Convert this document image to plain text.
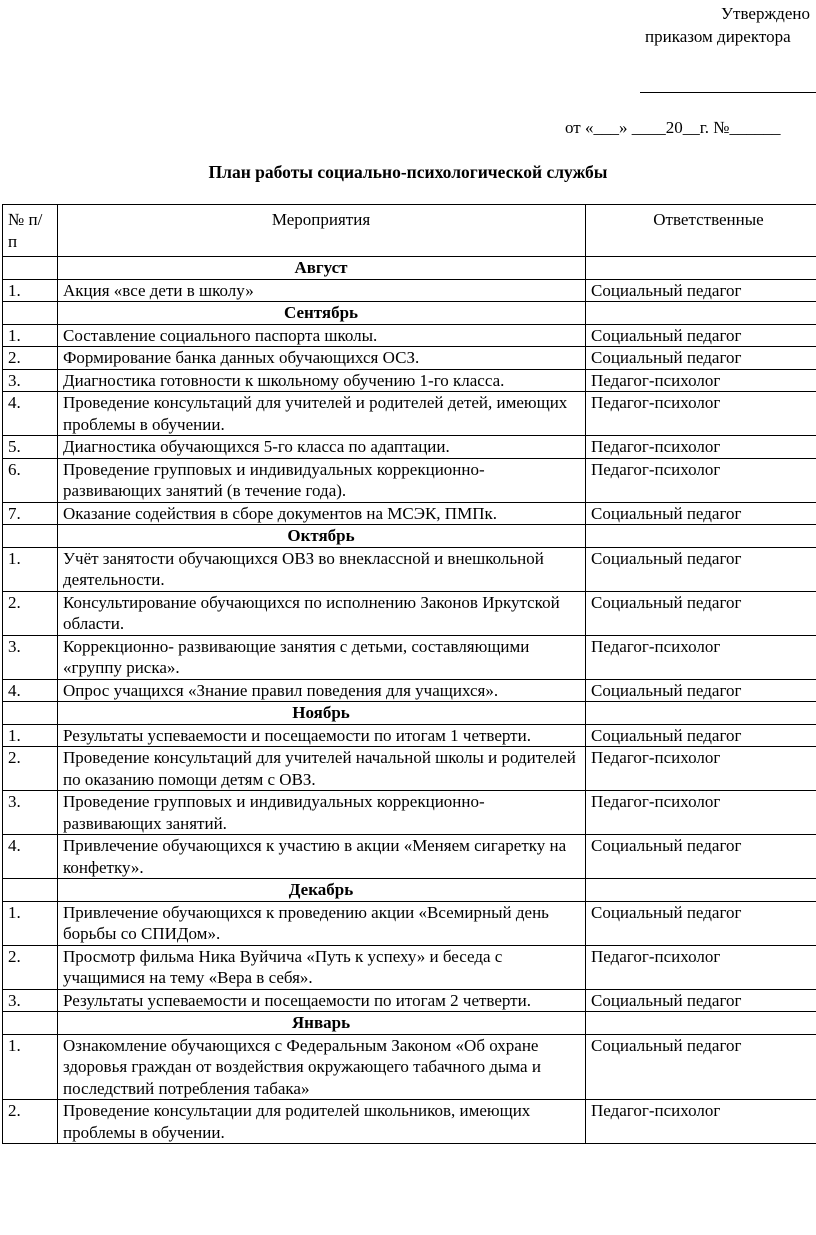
Утверждено
приказом директора
от «___» ____20__г. №______
План работы социально-психологической службы
№ п/п	Мероприятия	Ответственные
	Август	
1.	Акция «все дети в школу»	Социальный педагог
	Сентябрь	
1.	Составление социального паспорта школы.	Социальный педагог
2.	Формирование банка данных обучающихся ОСЗ.	Социальный педагог
3.	Диагностика готовности к школьному обучению 1-го класса.	Педагог-психолог
4.	Проведение консультаций для учителей и родителей детей, имеющих проблемы в обучении.	Педагог-психолог
5.	Диагностика обучающихся 5-го класса по адаптации.	Педагог-психолог
6.	Проведение групповых и индивидуальных коррекционно-развивающих занятий (в течение года).	Педагог-психолог
7.	Оказание содействия в сборе документов на МСЭК, ПМПк.	Социальный педагог
	Октябрь	
1.	Учёт занятости обучающихся ОВЗ во внеклассной и внешкольной деятельности.	Социальный педагог
2.	Консультирование обучающихся по исполнению Законов Иркутской области.	Социальный педагог
3.	Коррекционно- развивающие занятия с детьми, составляющими «группу риска».	Педагог-психолог
4.	Опрос учащихся «Знание правил поведения для учащихся».	Социальный педагог
	Ноябрь	
1.	Результаты успеваемости и посещаемости по итогам 1 четверти.	Социальный педагог
2.	Проведение консультаций для учителей начальной школы и родителей по оказанию помощи детям с ОВЗ.	Педагог-психолог
3.	Проведение групповых и индивидуальных коррекционно-развивающих занятий.	Педагог-психолог
4.	Привлечение обучающихся к участию в акции «Меняем сигаретку на конфетку».	Социальный педагог
	Декабрь	
1.	Привлечение обучающихся к проведению акции «Всемирный день борьбы со СПИДом».	Социальный педагог
2.	Просмотр фильма Ника Вуйчича «Путь к успеху» и беседа с учащимися на тему «Вера в себя».	Педагог-психолог
3.	Результаты успеваемости и посещаемости по итогам 2 четверти.	Социальный педагог
	Январь	
1.	Ознакомление обучающихся с Федеральным Законом «Об охране здоровья граждан от воздействия окружающего табачного дыма и последствий потребления табака»	Социальный педагог
2.	Проведение консультации для родителей школьников, имеющих проблемы в обучении.	Педагог-психолог
